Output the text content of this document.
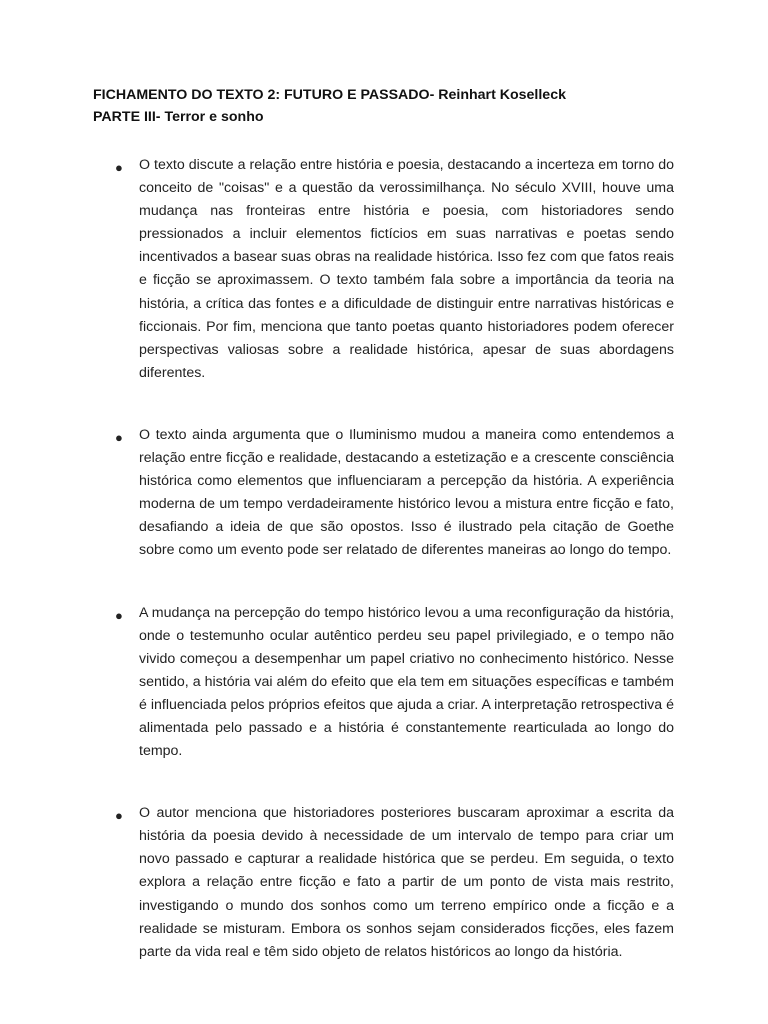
FICHAMENTO DO TEXTO 2: FUTURO E PASSADO- Reinhart Koselleck
PARTE III- Terror e sonho
● O texto discute a relação entre história e poesia, destacando a incerteza em torno do conceito de "coisas" e a questão da verossimilhança. No século XVIII, houve uma mudança nas fronteiras entre história e poesia, com historiadores sendo pressionados a incluir elementos fictícios em suas narrativas e poetas sendo incentivados a basear suas obras na realidade histórica. Isso fez com que fatos reais e ficção se aproximassem. O texto também fala sobre a importância da teoria na história, a crítica das fontes e a dificuldade de distinguir entre narrativas históricas e ficcionais. Por fim, menciona que tanto poetas quanto historiadores podem oferecer perspectivas valiosas sobre a realidade histórica, apesar de suas abordagens diferentes.
● O texto ainda argumenta que o Iluminismo mudou a maneira como entendemos a relação entre ficção e realidade, destacando a estetização e a crescente consciência histórica como elementos que influenciaram a percepção da história. A experiência moderna de um tempo verdadeiramente histórico levou a mistura entre ficção e fato, desafiando a ideia de que são opostos. Isso é ilustrado pela citação de Goethe sobre como um evento pode ser relatado de diferentes maneiras ao longo do tempo.
● A mudança na percepção do tempo histórico levou a uma reconfiguração da história, onde o testemunho ocular autêntico perdeu seu papel privilegiado, e o tempo não vivido começou a desempenhar um papel criativo no conhecimento histórico. Nesse sentido, a história vai além do efeito que ela tem em situações específicas e também é influenciada pelos próprios efeitos que ajuda a criar. A interpretação retrospectiva é alimentada pelo passado e a história é constantemente rearticulada ao longo do tempo.
● O autor menciona que historiadores posteriores buscaram aproximar a escrita da história da poesia devido à necessidade de um intervalo de tempo para criar um novo passado e capturar a realidade histórica que se perdeu. Em seguida, o texto explora a relação entre ficção e fato a partir de um ponto de vista mais restrito, investigando o mundo dos sonhos como um terreno empírico onde a ficção e a realidade se misturam. Embora os sonhos sejam considerados ficções, eles fazem parte da vida real e têm sido objeto de relatos históricos ao longo da história.
